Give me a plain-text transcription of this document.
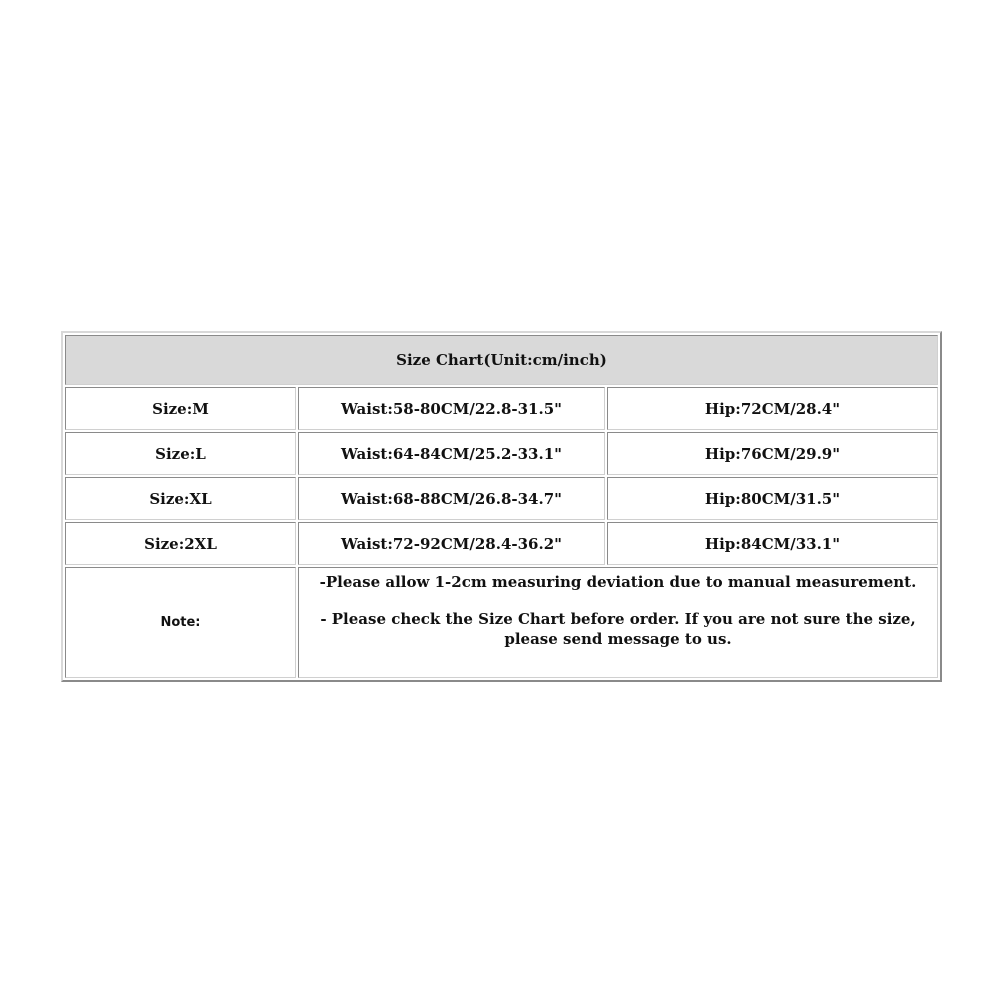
Size Chart(Unit:cm/inch)
Size:M	Waist:58-80CM/22.8-31.5"	Hip:72CM/28.4"
Size:L	Waist:64-84CM/25.2-33.1"	Hip:76CM/29.9"
Size:XL	Waist:68-88CM/26.8-34.7"	Hip:80CM/31.5"
Size:2XL	Waist:72-92CM/28.4-36.2"	Hip:84CM/33.1"
Note:
-Please allow 1-2cm measuring deviation due to manual measurement.
- Please check the Size Chart before order. If you are not sure the size, please send message to us.
